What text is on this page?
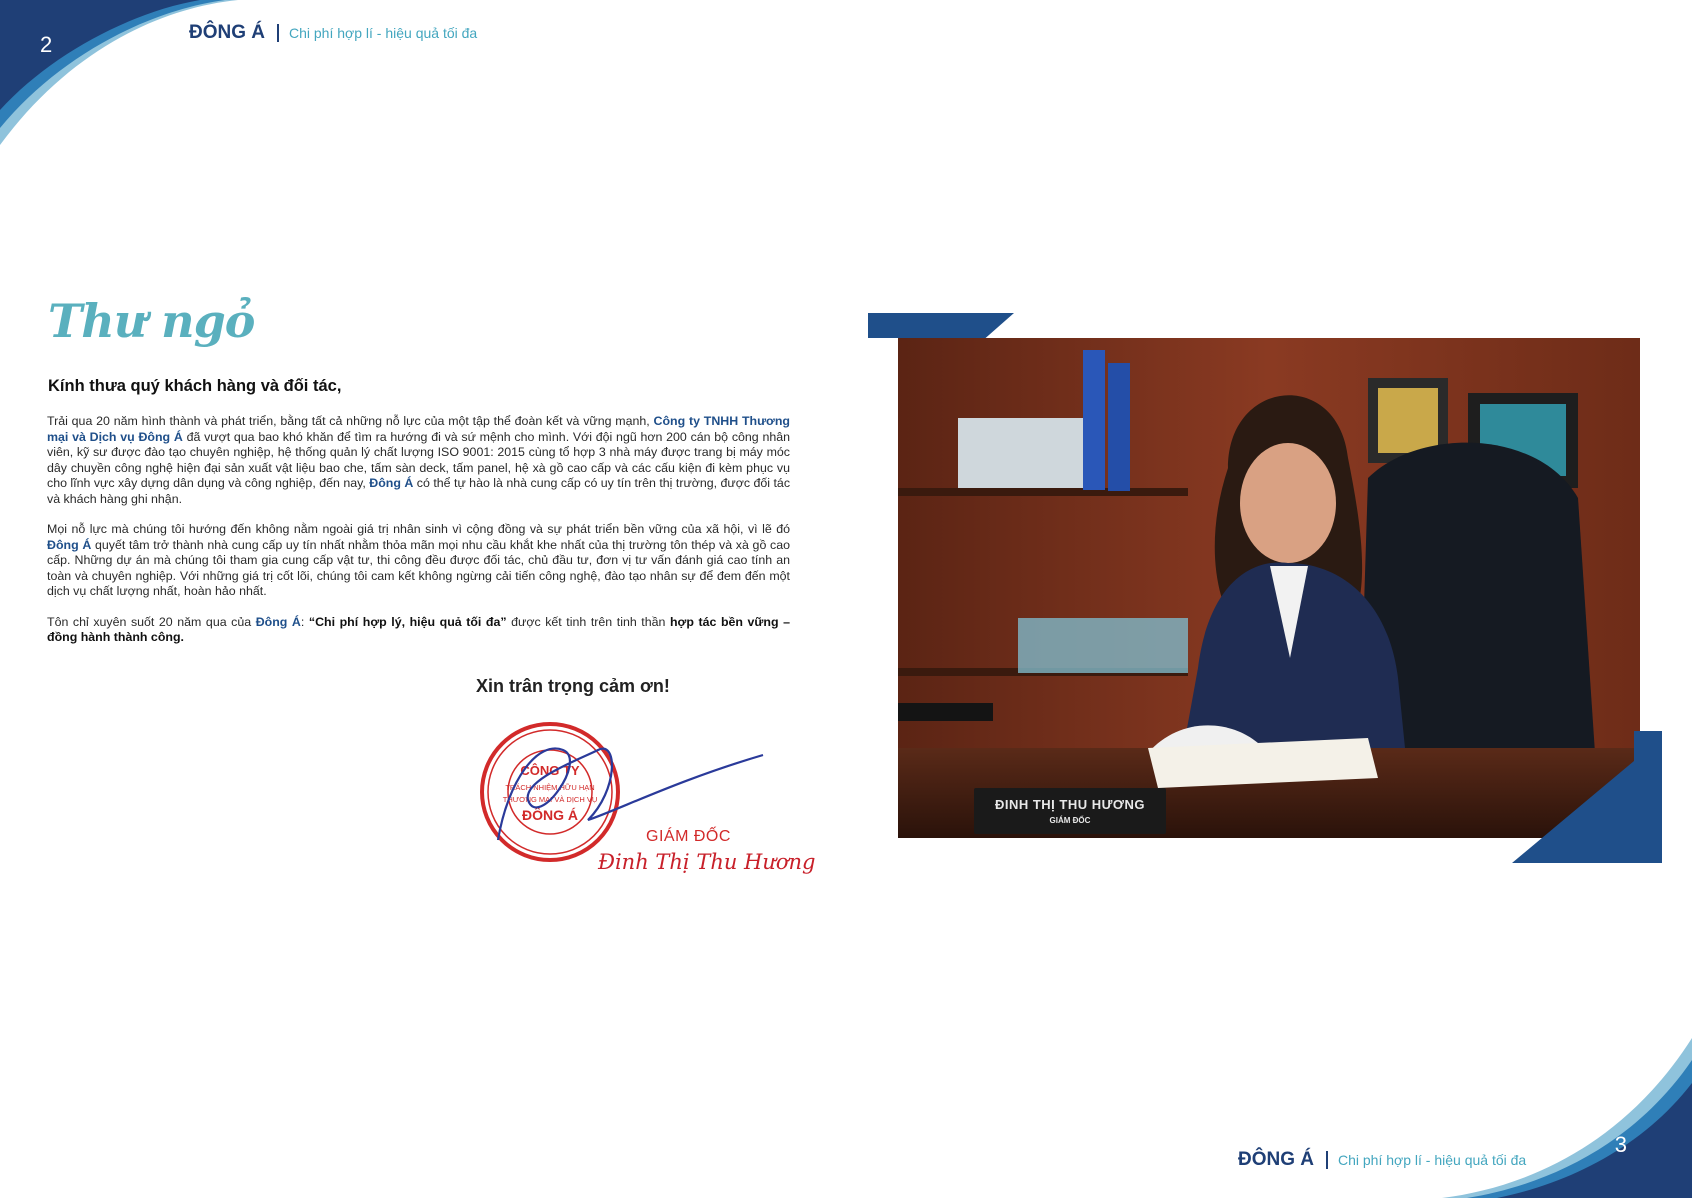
2	ĐÔNG Á Chi phí hợp lí - hiệu quả tối đa
Thư ngỏ
Kính thưa quý khách hàng và đối tác,

Trải qua 20 năm hình thành và phát triển, bằng tất cả những nỗ lực của một tập thể đoàn kết và vững mạnh, Công ty TNHH Thương mại và Dịch vụ Đông Á đã vượt qua bao khó khăn để tìm ra hướng đi và sứ mệnh cho mình. Với đội ngũ hơn 200 cán bộ công nhân viên, kỹ sư được đào tạo chuyên nghiệp, hệ thống quản lý chất lượng ISO 9001: 2015 cùng tổ hợp 3 nhà máy được trang bị máy móc dây chuyền công nghệ hiện đại sản xuất vật liệu bao che, tấm sàn deck, tấm panel, hệ xà gồ cao cấp và các cấu kiện đi kèm phục vụ cho lĩnh vực xây dựng dân dụng và công nghiệp, đến nay, Đông Á có thể tự hào là nhà cung cấp có uy tín trên thị trường, được đối tác và khách hàng ghi nhận.

Mọi nỗ lực mà chúng tôi hướng đến không nằm ngoài giá trị nhân sinh vì cộng đồng và sự phát triển bền vững của xã hội, vì lẽ đó Đông Á quyết tâm trở thành nhà cung cấp uy tín nhất nhằm thỏa mãn mọi nhu cầu khắt khe nhất của thị trường tôn thép và xà gồ cao cấp. Những dự án mà chúng tôi tham gia cung cấp vật tư, thi công đều được đối tác, chủ đầu tư, đơn vị tư vấn đánh giá cao tính an toàn và chuyên nghiệp. Với những giá trị cốt lõi, chúng tôi cam kết không ngừng cải tiến công nghệ, đào tạo nhân sự để đem đến một dịch vụ chất lượng nhất, hoàn hảo nhất.

Tôn chỉ xuyên suốt 20 năm qua của Đông Á: “Chi phí hợp lý, hiệu quả tối đa” được kết tinh trên tinh thần hợp tác bền vững – đồng hành thành công.

Xin trân trọng cảm ơn!
CÔNG TY
TRÁCH NHIỆM HỮU HẠN
THƯƠNG MẠI VÀ DỊCH VỤ
ĐÔNG Á
GIÁM ĐỐC
Đinh Thị Thu Hương
ĐINH THỊ THU HƯƠNG
GIÁM ĐỐC
3
ĐÔNG Á Chi phí hợp lí - hiệu quả tối đa
